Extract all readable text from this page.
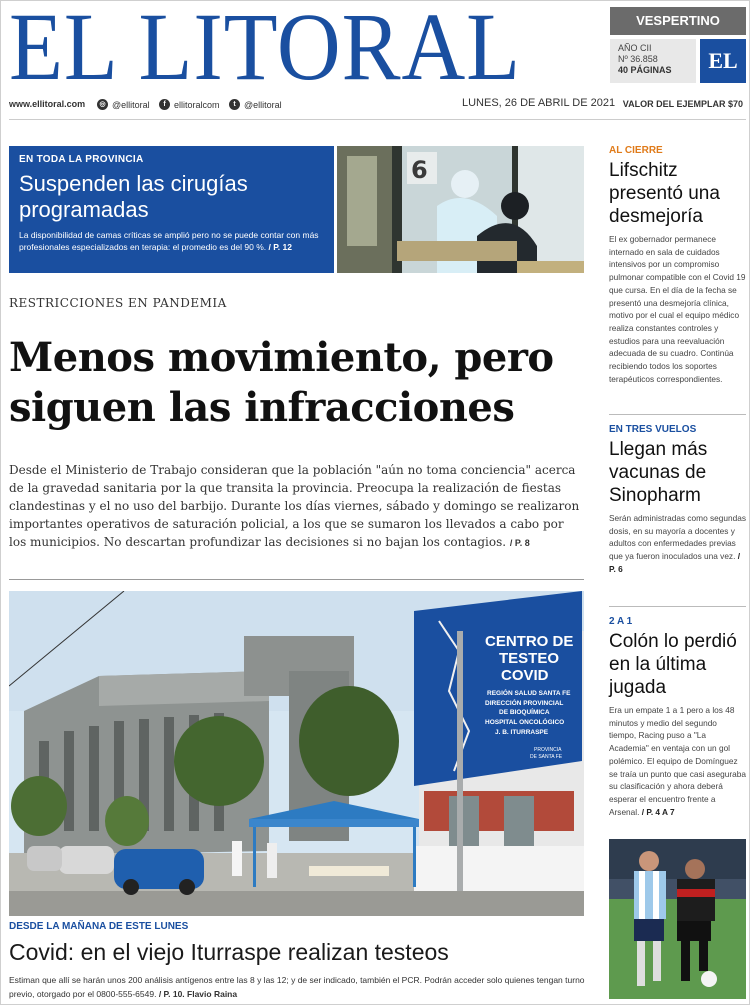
EL LITORAL	VESPERTINO
AÑO CII
Nº 36.858
40 PÁGINAS	EL
www.ellitoral.com	◎ @ellitoral	f ellitoralcom	t @ellitoral	LUNES, 26 DE ABRIL DE 2021 VALOR DEL EJEMPLAR $70
EN TODA LA PROVINCIA
Suspenden las cirugías programadas
La disponibilidad de camas críticas se amplió pero no se puede contar con más profesionales especializados en terapia: el promedio es del 90 %. / P. 12
6
RESTRICCIONES EN PANDEMIA
Menos movimiento, pero siguen las infracciones
Desde el Ministerio de Trabajo consideran que la población "aún no toma conciencia" acerca de la gravedad sanitaria por la que transita la provincia. Preocupa la realización de fiestas clandestinas y el no uso del barbijo. Durante los días viernes, sábado y domingo se realizaron importantes operativos de saturación policial, a los que se sumaron los llevados a cabo por los municipios. No descartan profundizar las decisiones si no bajan los contagios. / P. 8
CENTRO DE
TESTEO
COVID
REGIÓN SALUD SANTA FE
DIRECCIÓN PROVINCIAL
DE BIOQUÍMICA
HOSPITAL ONCOLÓGICO
J. B. ITURRASPE
PROVINCIA
DE SANTA FE
DESDE LA MAÑANA DE ESTE LUNES
Covid: en el viejo Iturraspe realizan testeos
Estiman que allí se harán unos 200 análisis antígenos entre las 8 y las 12; y de ser indicado, también el PCR. Podrán acceder solo quienes tengan turno previo, otorgado por el 0800-555-6549. / P. 10. Flavio Raina
AL CIERRE
Lifschitz presentó una desmejoría
El ex gobernador permanece internado en sala de cuidados intensivos por un compromiso pulmonar compatible con el Covid 19 que cursa. En el día de la fecha se presentó una desmejoría clínica, motivo por el cual el equipo médico realiza constantes controles y estudios para una reevaluación adecuada de su cuadro. Continúa recibiendo todos los soportes terapéuticos correspondientes.
EN TRES VUELOS
Llegan más vacunas de Sinopharm
Serán administradas como segundas dosis, en su mayoría a docentes y adultos con enfermedades previas que ya fueron inoculados una vez. / P. 6
2 A 1
Colón lo perdió en la última jugada
Era un empate 1 a 1 pero a los 48 minutos y medio del segundo tiempo, Racing puso a "La Academia" en ventaja con un gol polémico. El equipo de Domínguez se traía un punto que casi aseguraba su clasificación y ahora deberá esperar el encuentro frente a Arsenal. / P. 4 A 7
